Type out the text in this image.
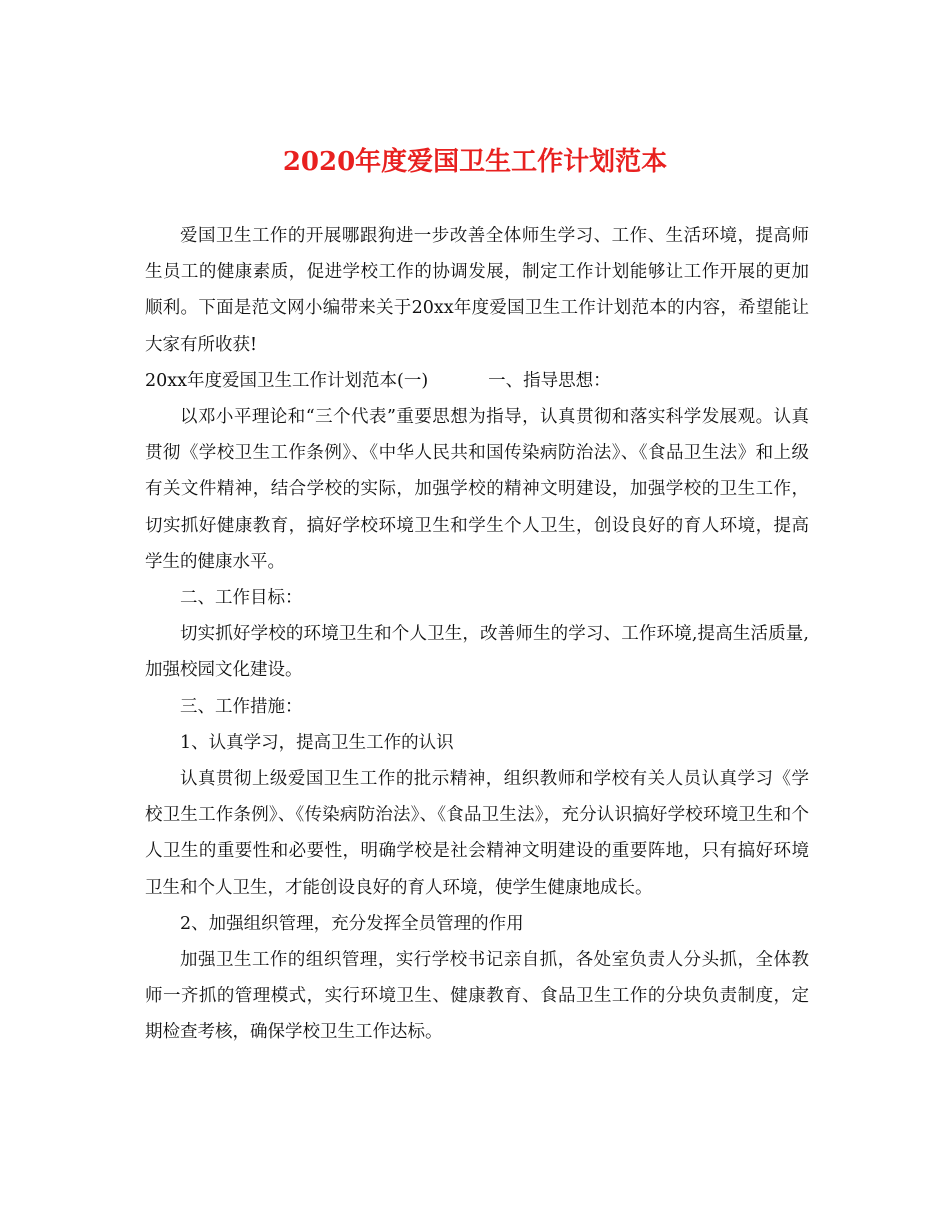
2020年度爱国卫生工作计划范本

爱国卫生工作的开展哪跟狗进一步改善全体师生学习、工作、生活环境，提高师生员工的健康素质，促进学校工作的协调发展，制定工作计划能够让工作开展的更加顺利。下面是范文网小编带来关于20xx年度爱国卫生工作计划范本的内容，希望能让大家有所收获!

20xx年度爱国卫生工作计划范本(一)	一、指导思想：

以邓小平理论和“三个代表”重要思想为指导，认真贯彻和落实科学发展观。认真贯彻《学校卫生工作条例》、《中华人民共和国传染病防治法》、《食品卫生法》和上级有关文件精神，结合学校的实际，加强学校的精神文明建设，加强学校的卫生工作，切实抓好健康教育，搞好学校环境卫生和学生个人卫生，创设良好的育人环境，提高学生的健康水平。

二、工作目标：

切实抓好学校的环境卫生和个人卫生，改善师生的学习、工作环境,提高生活质量,加强校园文化建设。

三、工作措施：

1、认真学习，提高卫生工作的认识

认真贯彻上级爱国卫生工作的批示精神，组织教师和学校有关人员认真学习《学校卫生工作条例》、《传染病防治法》、《食品卫生法》，充分认识搞好学校环境卫生和个人卫生的重要性和必要性，明确学校是社会精神文明建设的重要阵地，只有搞好环境卫生和个人卫生，才能创设良好的育人环境，使学生健康地成长。

2、加强组织管理，充分发挥全员管理的作用

加强卫生工作的组织管理，实行学校书记亲自抓，各处室负责人分头抓，全体教师一齐抓的管理模式，实行环境卫生、健康教育、食品卫生工作的分块负责制度，定期检查考核，确保学校卫生工作达标。
